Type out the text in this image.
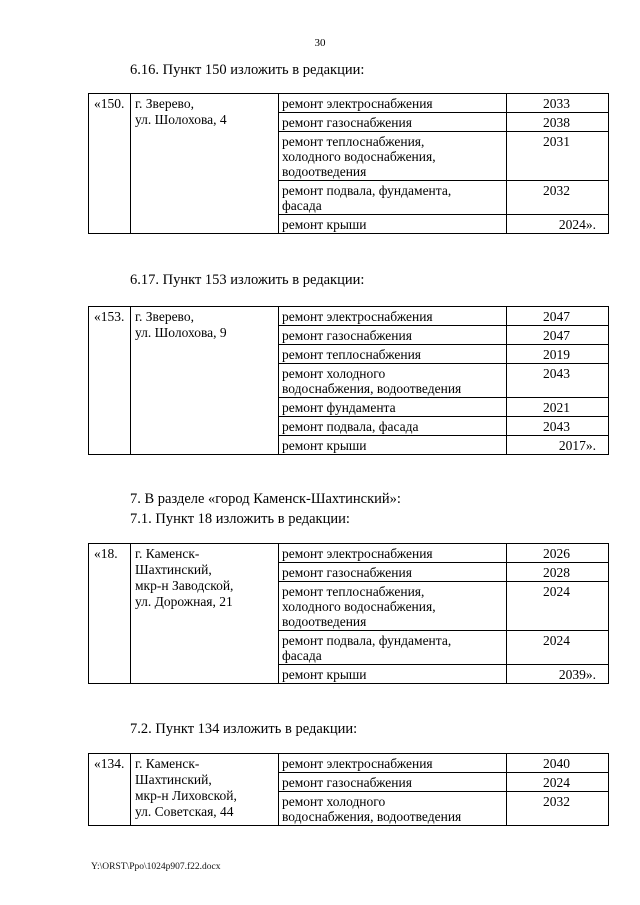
30
6.16. Пункт 150 изложить в редакции:
«150.	г. Зверево,
ул. Шолохова, 4	ремонт электроснабжения	2033

		ремонт газоснабжения	2038

		ремонт теплоснабжения,
холодного водоснабжения,
водоотведения	2031

		ремонт подвала, фундамента,
фасада	2032

		ремонт крыши	2024».
6.17. Пункт 153 изложить в редакции:
«153.	г. Зверево,
ул. Шолохова, 9	ремонт электроснабжения	2047

		ремонт газоснабжения	2047

		ремонт теплоснабжения	2019

		ремонт холодного
водоснабжения, водоотведения	2043

		ремонт фундамента	2021

		ремонт подвала, фасада	2043

		ремонт крыши	2017».
7. В разделе «город Каменск-Шахтинский»:
7.1. Пункт 18 изложить в редакции:
«18.	г. Каменск-
Шахтинский,
мкр-н Заводской,
ул. Дорожная, 21	ремонт электроснабжения	2026

		ремонт газоснабжения	2028

		ремонт теплоснабжения,
холодного водоснабжения,
водоотведения	2024

		ремонт подвала, фундамента,
фасада	2024

		ремонт крыши	2039».
7.2. Пункт 134 изложить в редакции:
«134.	г. Каменск-
Шахтинский,
мкр-н Лиховской,
ул. Советская, 44	ремонт электроснабжения	2040

		ремонт газоснабжения	2024

		ремонт холодного
водоснабжения, водоотведения	2032
Y:\ORST\Ppo\1024p907.f22.docx
